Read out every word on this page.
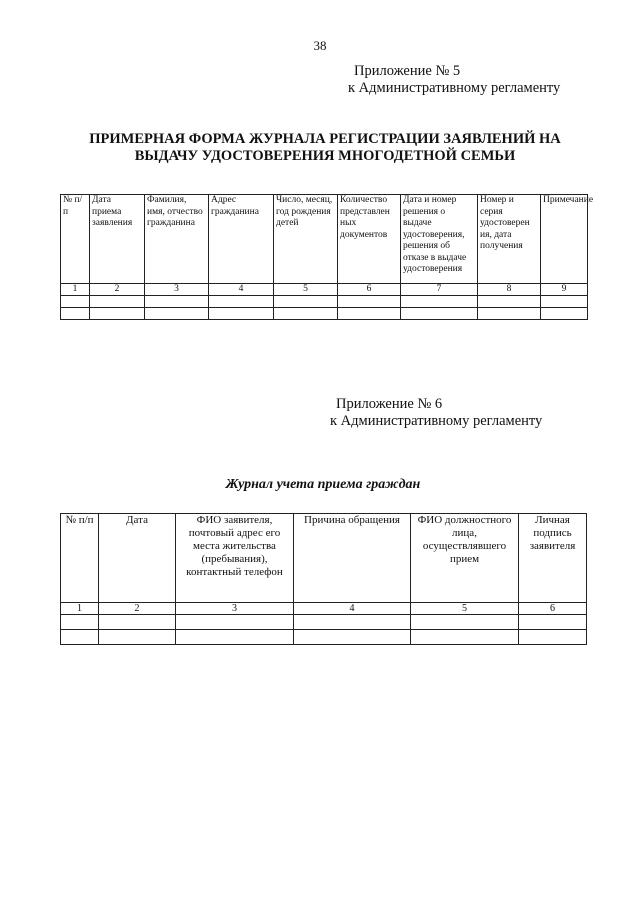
38
Приложение № 5
к Административному регламенту
ПРИМЕРНАЯ ФОРМА ЖУРНАЛА РЕГИСТРАЦИИ ЗАЯВЛЕНИЙ НА
ВЫДАЧУ УДОСТОВЕРЕНИЯ МНОГОДЕТНОЙ СЕМЬИ
№ п/п	Дата приема заявления	Фамилия, имя, отчество гражданина	Адрес гражданина	Число, месяц, год рождения детей	Количество представлен ных документов	Дата и номер решения о выдаче удостоверения, решения об отказе в выдаче удостоверения	Номер и серия удостоверен ия, дата получения	Примечание
1	2	3	4	5	6	7	8	9

Приложение № 6
к Административному регламенту
Журнал учета приема граждан
№ п/п	Дата	ФИО заявителя, почтовый адрес его места жительства (пребывания), контактный телефон	Причина обращения	ФИО должностного лица, осуществлявшего прием	Личная подпись заявителя
1	2	3	4	5	6
